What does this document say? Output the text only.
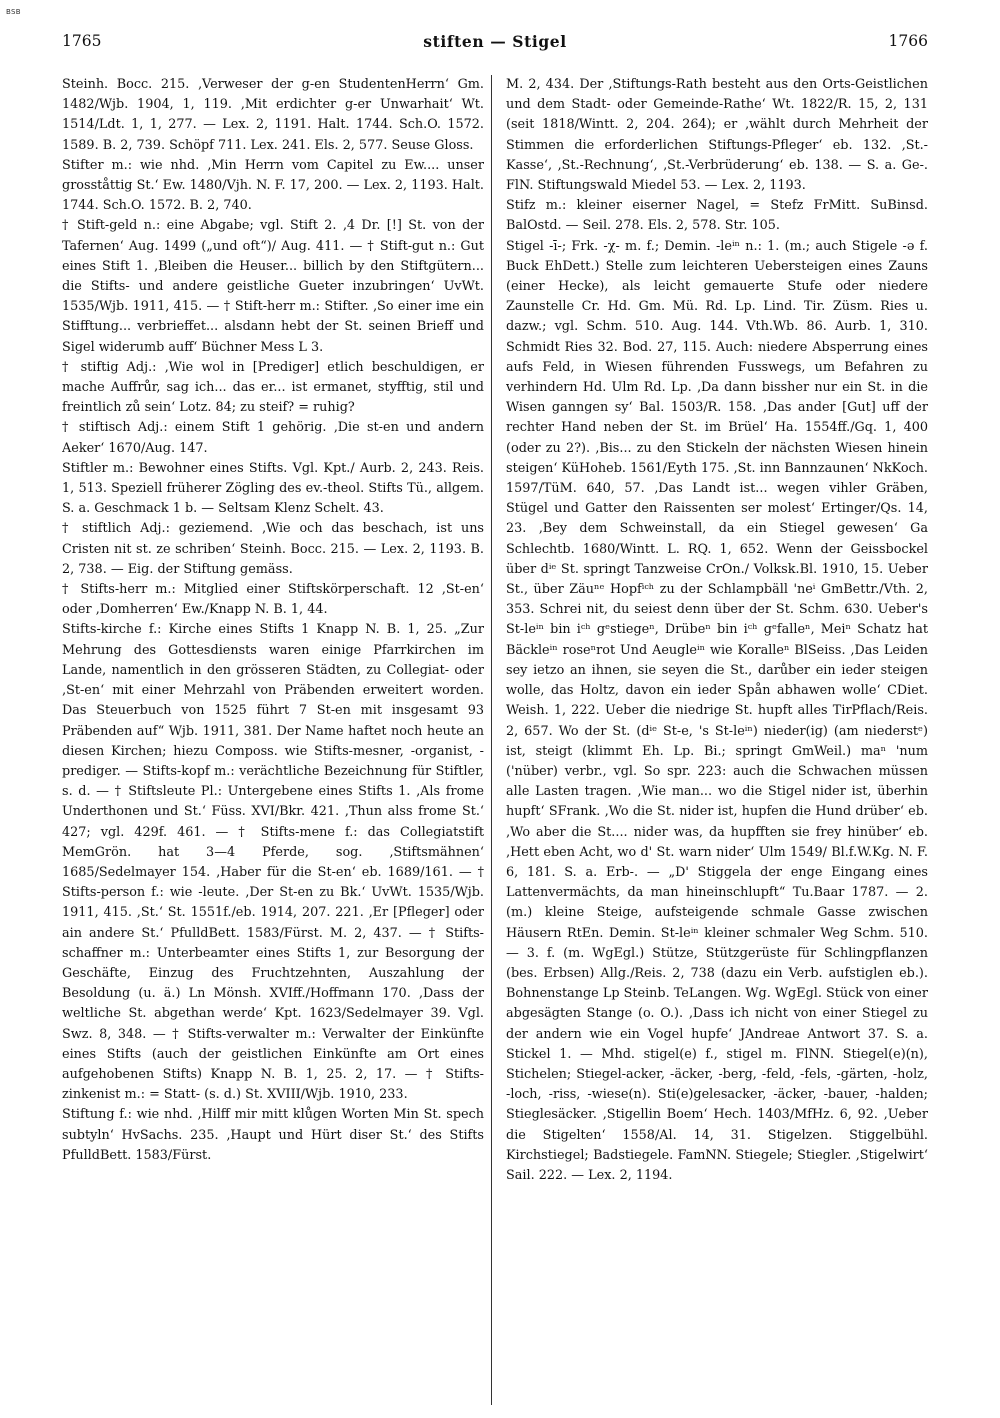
BSB
1765	stiften — Stigel	1766

Steinh. Bocc. 215. ‚Verweser der g-en StudentenHerrn‘ Gm. 1482/Wjb. 1904, 1, 119. ‚Mit erdichter g-er Unwarhait‘ Wt. 1514/Ldt. 1, 1, 277. — Lex. 2, 1191. Halt. 1744. Sch.O. 1572. 1589. B. 2, 739. Schöpf 711. Lex. 241. Els. 2, 577. Seuse Gloss.

Stifter m.: wie nhd. ‚Min Herrn vom Capitel zu Ew.... unser grosståttig St.‘ Ew. 1480/Vjh. N. F. 17, 200. — Lex. 2, 1193. Halt. 1744. Sch.O. 1572. B. 2, 740.

† Stift-geld n.: eine Abgabe; vgl. Stift 2. ‚4 Dr. [!] St. von der Tafernen‘ Aug. 1499 („und oft“)/ Aug. 411. — † Stift-gut n.: Gut eines Stift 1. ‚Bleiben die Heuser... billich by den Stiftgütern... die Stifts- und andere geistliche Gueter inzubringen‘ UvWt. 1535/Wjb. 1911, 415. — † Stift-herr m.: Stifter. ‚So einer ime ein Stifftung... verbrieffet... alsdann hebt der St. seinen Brieff und Sigel widerumb auff‘ Büchner Mess L 3.

† stiftig Adj.: ‚Wie wol in [Prediger] etlich beschuldigen, er mache Auffrůr, sag ich... das er... ist ermanet, styfftig, stil und freintlich zů sein‘ Lotz. 84; zu steif? = ruhig?

† stiftisch Adj.: einem Stift 1 gehörig. ‚Die st-en und andern Aeker‘ 1670/Aug. 147.

Stiftler m.: Bewohner eines Stifts. Vgl. Kpt./ Aurb. 2, 243. Reis. 1, 513. Speziell früherer Zögling des ev.-theol. Stifts Tü., allgem. S. a. Geschmack 1 b. — Seltsam Klenz Schelt. 43.

† stiftlich Adj.: geziemend. ‚Wie och das beschach, ist uns Cristen nit st. ze schriben‘ Steinh. Bocc. 215. — Lex. 2, 1193. B. 2, 738. — Eig. der Stiftung gemäss.

† Stifts-herr m.: Mitglied einer Stiftskörperschaft. 12 ‚St-en‘ oder ‚Domherren‘ Ew./Knapp N. B. 1, 44.

Stifts-kirche f.: Kirche eines Stifts 1 Knapp N. B. 1, 25. „Zur Mehrung des Gottesdiensts waren einige Pfarrkirchen im Lande, namentlich in den grösseren Städten, zu Collegiat- oder ‚St-en‘ mit einer Mehrzahl von Präbenden erweitert worden. Das Steuerbuch von 1525 führt 7 St-en mit insgesamt 93 Präbenden auf“ Wjb. 1911, 381. Der Name haftet noch heute an diesen Kirchen; hiezu Composs. wie Stifts-mesner, -organist, -prediger. — Stifts-kopf m.: verächtliche Bezeichnung für Stiftler, s. d. — † Stiftsleute Pl.: Untergebene eines Stifts 1. ‚Als frome Underthonen und St.‘ Füss. XVI/Bkr. 421. ‚Thun alss frome St.‘ 427; vgl. 429f. 461. — † Stifts-mene f.: das Collegiatstift MemGrön. hat 3—4 Pferde, sog. ‚Stiftsmähnen‘ 1685/Sedelmayer 154. ‚Haber für die St-en‘ eb. 1689/161. — † Stifts-person f.: wie -leute. ‚Der St-en zu Bk.‘ UvWt. 1535/Wjb. 1911, 415. ‚St.‘ St. 1551f./eb. 1914, 207. 221. ‚Er [Pfleger] oder ain andere St.‘ PfulldBett. 1583/Fürst. M. 2, 437. — † Stifts-schaffner m.: Unterbeamter eines Stifts 1, zur Besorgung der Geschäfte, Einzug des Fruchtzehnten, Auszahlung der Besoldung (u. ä.) Ln Mönsh. XVIff./Hoffmann 170. ‚Dass der weltliche St. abgethan werde‘ Kpt. 1623/Sedelmayer 39. Vgl. Swz. 8, 348. — † Stifts-verwalter m.: Verwalter der Einkünfte eines Stifts (auch der geistlichen Einkünfte am Ort eines aufgehobenen Stifts) Knapp N. B. 1, 25. 2, 17. — † Stifts-zinkenist m.: = Statt- (s. d.) St. XVIII/Wjb. 1910, 233.

Stiftung f.: wie nhd. ‚Hilff mir mitt klůgen Worten Min St. spech subtyln‘ HvSachs. 235. ‚Haupt und Hürt diser St.‘ des Stifts PfulldBett. 1583/Fürst.

M. 2, 434. Der ‚Stiftungs-Rath besteht aus den Orts-Geistlichen und dem Stadt- oder Gemeinde-Rathe‘ Wt. 1822/R. 15, 2, 131 (seit 1818/Wintt. 2, 204. 264); er ‚wählt durch Mehrheit der Stimmen die erforderlichen Stiftungs-Pfleger‘ eb. 132. ‚St.-Kasse‘, ‚St.-Rechnung‘, ‚St.-Verbrüderung‘ eb. 138. — S. a. Ge-. FlN. Stiftungswald Miedel 53. — Lex. 2, 1193.

Stifz m.: kleiner eiserner Nagel, = Stefz FrMitt. SuBinsd. BalOstd. — Seil. 278. Els. 2, 578. Str. 105.

Stigel -ī-; Frk. -χ- m. f.; Demin. -leⁱⁿ n.: 1. (m.; auch Stigele -ə f. Buck EhDett.) Stelle zum leichteren Uebersteigen eines Zauns (einer Hecke), als leicht gemauerte Stufe oder niedere Zaunstelle Cr. Hd. Gm. Mü. Rd. Lp. Lind. Tir. Züsm. Ries u. dazw.; vgl. Schm. 510. Aug. 144. Vth.Wb. 86. Aurb. 1, 310. Schmidt Ries 32. Bod. 27, 115. Auch: niedere Absperrung eines aufs Feld, in Wiesen führenden Fusswegs, um Befahren zu verhindern Hd. Ulm Rd. Lp. ‚Da dann bissher nur ein St. in die Wisen ganngen sy‘ Bal. 1503/R. 158. ‚Das ander [Gut] uff der rechter Hand neben der St. im Brüel‘ Ha. 1554ff./Gq. 1, 400 (oder zu 2?). ‚Bis... zu den Stickeln der nächsten Wiesen hinein steigen‘ KüHoheb. 1561/Eyth 175. ‚St. inn Bannzaunen‘ NkKoch. 1597/TüM. 640, 57. ‚Das Landt ist... wegen vihler Gräben, Stügel und Gatter den Raissenten ser molest‘ Ertinger/Qs. 14, 23. ‚Bey dem Schweinstall, da ein Stiegel gewesen‘ Ga Schlechtb. 1680/Wintt. L. RQ. 1, 652. Wenn der Geissbockel über dⁱᵉ St. springt Tanzweise CrOn./ Volksk.Bl. 1910, 15. Ueber St., über Zäuⁿᵉ Hopfⁱᶜʰ zu der Schlampbäll 'neⁱ GmBettr./Vth. 2, 353. Schrei nit, du seiest denn über der St. Schm. 630. Ueber's St-leⁱⁿ bin iᶜʰ gᵉstiegeⁿ, Drübeⁿ bin iᶜʰ gᵉfalleⁿ, Meiⁿ Schatz hat Bäckleⁱⁿ roseⁿrot Und Aeugleⁱⁿ wie Koralleⁿ BlSeiss. ‚Das Leiden sey ietzo an ihnen, sie seyen die St., darůber ein ieder steigen wolle, das Holtz, davon ein ieder Spån abhawen wolle‘ CDiet. Weish. 1, 222. Ueber die niedrige St. hupft alles TirPflach/Reis. 2, 657. Wo der St. (dⁱᵉ St-e, 's St-leⁱⁿ) nieder(ig) (am niederstᵉ) ist, steigt (klimmt Eh. Lp. Bi.; springt GmWeil.) maⁿ 'num ('nüber) verbr., vgl. So spr. 223: auch die Schwachen müssen alle Lasten tragen. ‚Wie man... wo die Stigel nider ist, überhin hupft‘ SFrank. ‚Wo die St. nider ist, hupfen die Hund drüber‘ eb. ‚Wo aber die St.... nider was, da hupfften sie frey hinüber‘ eb. ‚Hett eben Acht, wo d' St. warn nider‘ Ulm 1549/ Bl.f.W.Kg. N. F. 6, 181. S. a. Erb-. — „D' Stiggela der enge Eingang eines Lattenvermächts, da man hineinschlupft“ Tu.Baar 1787. — 2. (m.) kleine Steige, aufsteigende schmale Gasse zwischen Häusern RtEn. Demin. St-leⁱⁿ kleiner schmaler Weg Schm. 510. — 3. f. (m. WgEgl.) Stütze, Stützgerüste für Schlingpflanzen (bes. Erbsen) Allg./Reis. 2, 738 (dazu ein Verb. aufstiglen eb.). Bohnenstange Lp Steinb. TeLangen. Wg. WgEgl. Stück von einer abgesägten Stange (o. O.). ‚Dass ich nicht von einer Stiegel zu der andern wie ein Vogel hupfe‘ JAndreae Antwort 37. S. a. Stickel 1. — Mhd. stigel(e) f., stigel m. FlNN. Stiegel(e)(n), Stichelen; Stiegel-acker, -äcker, -berg, -feld, -fels, -gärten, -holz, -loch, -riss, -wiese(n). Sti(e)gelesacker, -äcker, -bauer, -halden; Stieglesäcker. ‚Stigellin Boem‘ Hech. 1403/MfHz. 6, 92. ‚Ueber die Stigelten‘ 1558/Al. 14, 31. Stigelzen. Stiggelbühl. Kirchstiegel; Badstiegele. FamNN. Stiegele; Stiegler. ‚Stigelwirt‘ Sail. 222. — Lex. 2, 1194.
